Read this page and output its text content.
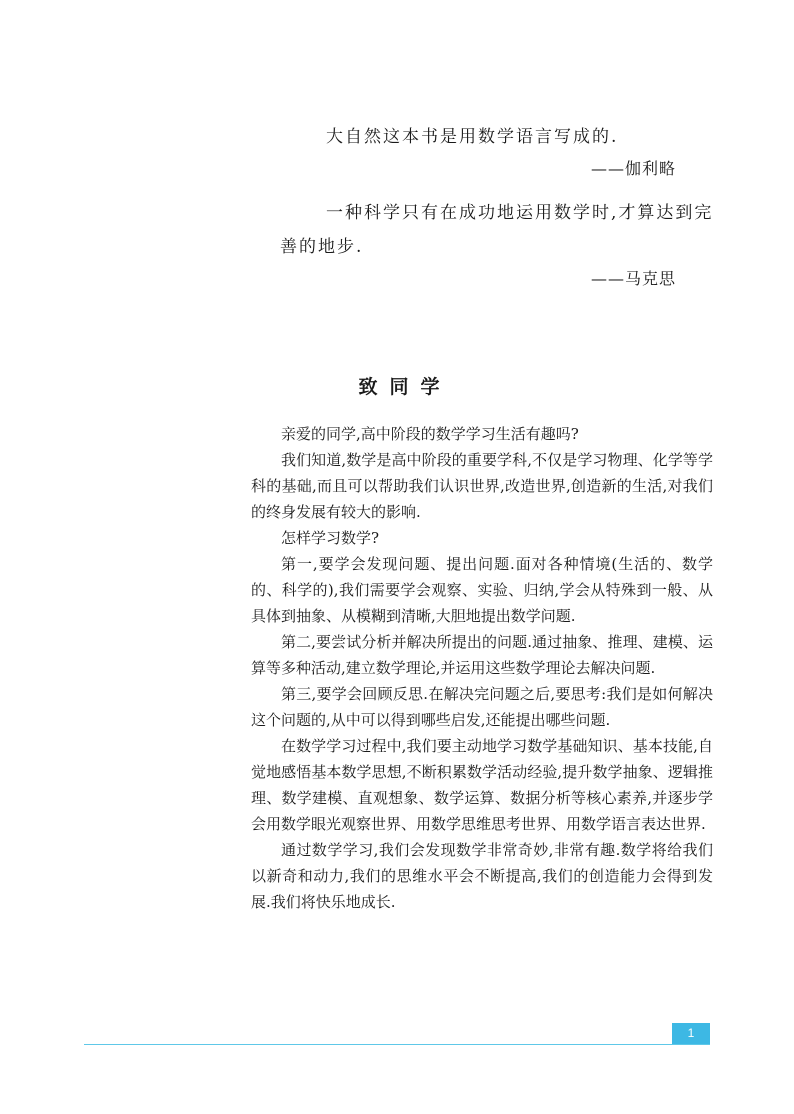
大自然这本书是用数学语言写成的.
——伽利略
一种科学只有在成功地运用数学时,才算达到完
善的地步.
——马克思
致同学

亲爱的同学,高中阶段的数学学习生活有趣吗?

我们知道,数学是高中阶段的重要学科,不仅是学习物理、化学等学科的基础,而且可以帮助我们认识世界,改造世界,创造新的生活,对我们的终身发展有较大的影响.

怎样学习数学?

第一,要学会发现问题、提出问题.面对各种情境(生活的、数学的、科学的),我们需要学会观察、实验、归纳,学会从特殊到一般、从具体到抽象、从模糊到清晰,大胆地提出数学问题.

第二,要尝试分析并解决所提出的问题.通过抽象、推理、建模、运算等多种活动,建立数学理论,并运用这些数学理论去解决问题.

第三,要学会回顾反思.在解决完问题之后,要思考:我们是如何解决这个问题的,从中可以得到哪些启发,还能提出哪些问题.

在数学学习过程中,我们要主动地学习数学基础知识、基本技能,自觉地感悟基本数学思想,不断积累数学活动经验,提升数学抽象、逻辑推理、数学建模、直观想象、数学运算、数据分析等核心素养,并逐步学会用数学眼光观察世界、用数学思维思考世界、用数学语言表达世界.

通过数学学习,我们会发现数学非常奇妙,非常有趣.数学将给我们以新奇和动力,我们的思维水平会不断提高,我们的创造能力会得到发展.我们将快乐地成长.

1
